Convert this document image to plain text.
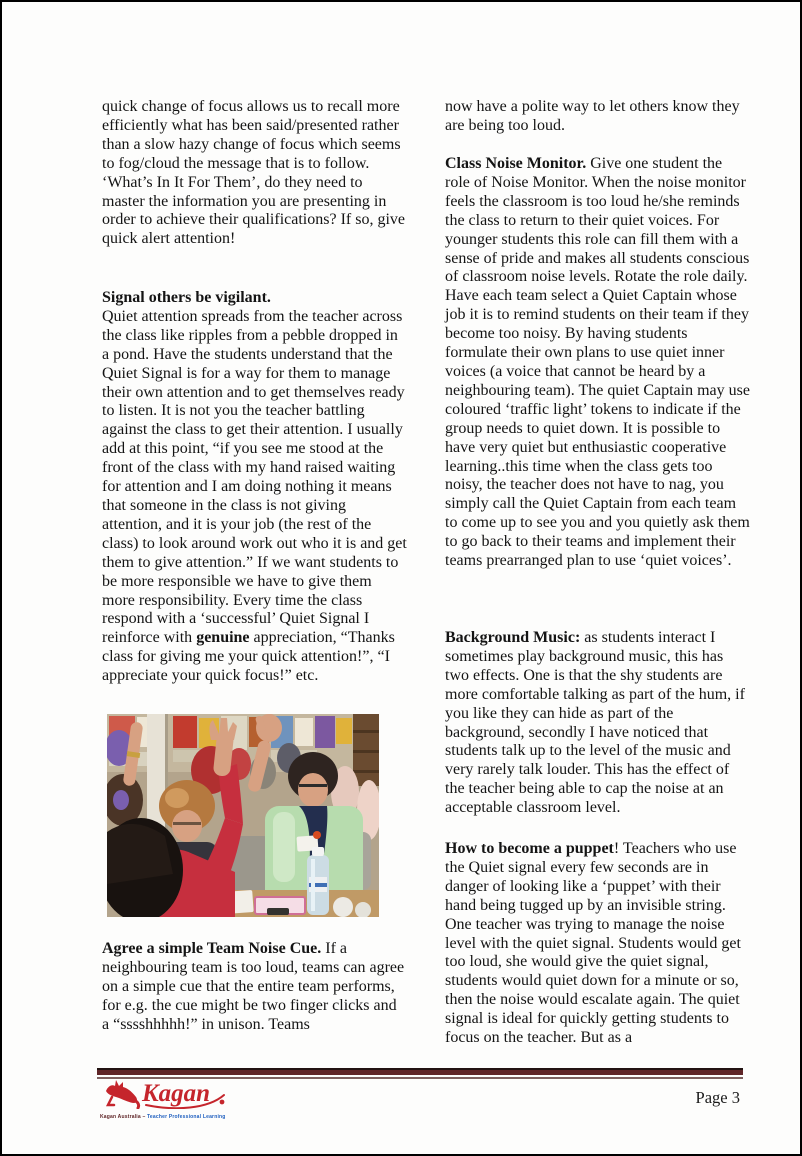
quick change of focus allows us to recall more efficiently what has been said/presented rather than a slow hazy change of focus which seems to fog/cloud the message that is to follow. ‘What’s In It For Them’, do they need to master the information you are presenting in order to achieve their qualifications? If so, give quick alert attention!

Signal others be vigilant.
Quiet attention spreads from the teacher across the class like ripples from a pebble dropped in a pond. Have the students understand that the Quiet Signal is for a way for them to manage their own attention and to get themselves ready to listen. It is not you the teacher battling against the class to get their attention. I usually add at this point, “if you see me stood at the front of the class with my hand raised waiting for attention and I am doing nothing it means that someone in the class is not giving attention, and it is your job (the rest of the class) to look around work out who it is and get them to give attention.” If we want students to be more responsible we have to give them more responsibility. Every time the class respond with a ‘successful’ Quiet Signal I reinforce with genuine appreciation, “Thanks class for giving me your quick attention!”, “I appreciate your quick focus!” etc.

Agree a simple Team Noise Cue. If a neighbouring team is too loud, teams can agree on a simple cue that the entire team performs, for e.g. the cue might be two finger clicks and a “sssshhhhh!” in unison. Teams

now have a polite way to let others know they are being too loud.

Class Noise Monitor. Give one student the role of Noise Monitor. When the noise monitor feels the classroom is too loud he/she reminds the class to return to their quiet voices. For younger students this role can fill them with a sense of pride and makes all students conscious of classroom noise levels. Rotate the role daily. Have each team select a Quiet Captain whose job it is to remind students on their team if they become too noisy. By having students formulate their own plans to use quiet inner voices (a voice that cannot be heard by a neighbouring team). The quiet Captain may use coloured ‘traffic light’ tokens to indicate if the group needs to quiet down. It is possible to have very quiet but enthusiastic cooperative learning..this time when the class gets too noisy, the teacher does not have to nag, you simply call the Quiet Captain from each team to come up to see you and you quietly ask them to go back to their teams and implement their teams prearranged plan to use ‘quiet voices’.

Background Music: as students interact I sometimes play background music, this has two effects. One is that the shy students are more comfortable talking as part of the hum, if you like they can hide as part of the background, secondly I have noticed that students talk up to the level of the music and very rarely talk louder. This has the effect of the teacher being able to cap the noise at an acceptable classroom level.

How to become a puppet! Teachers who use the Quiet signal every few seconds are in danger of looking like a ‘puppet’ with their hand being tugged up by an invisible string. One teacher was trying to manage the noise level with the quiet signal. Students would get too loud, she would give the quiet signal, students would quiet down for a minute or so, then the noise would escalate again. The quiet signal is ideal for quickly getting students to focus on the teacher. But as a

Kagan
Kagan Australia – Teacher Professional Learning
Page 3
